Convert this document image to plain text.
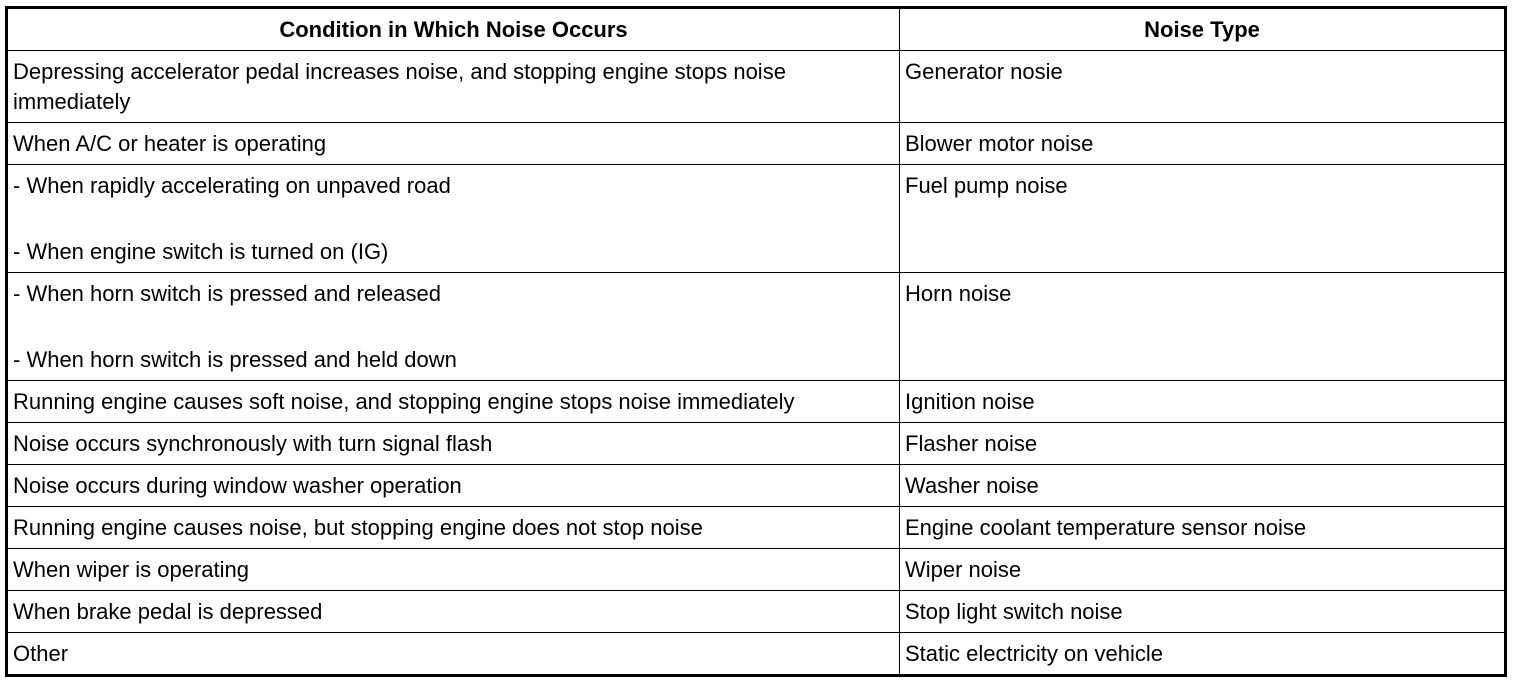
Condition in Which Noise Occurs	Noise Type

Depressing accelerator pedal increases noise, and stopping engine stops noise
immediately	Generator nosie

When A/C or heater is operating	Blower motor noise

- When rapidly accelerating on unpaved road
- When engine switch is turned on (IG)	Fuel pump noise

- When horn switch is pressed and released
- When horn switch is pressed and held down	Horn noise

Running engine causes soft noise, and stopping engine stops noise immediately	Ignition noise

Noise occurs synchronously with turn signal flash	Flasher noise

Noise occurs during window washer operation	Washer noise

Running engine causes noise, but stopping engine does not stop noise	Engine coolant temperature sensor noise

When wiper is operating	Wiper noise

When brake pedal is depressed	Stop light switch noise

Other	Static electricity on vehicle
